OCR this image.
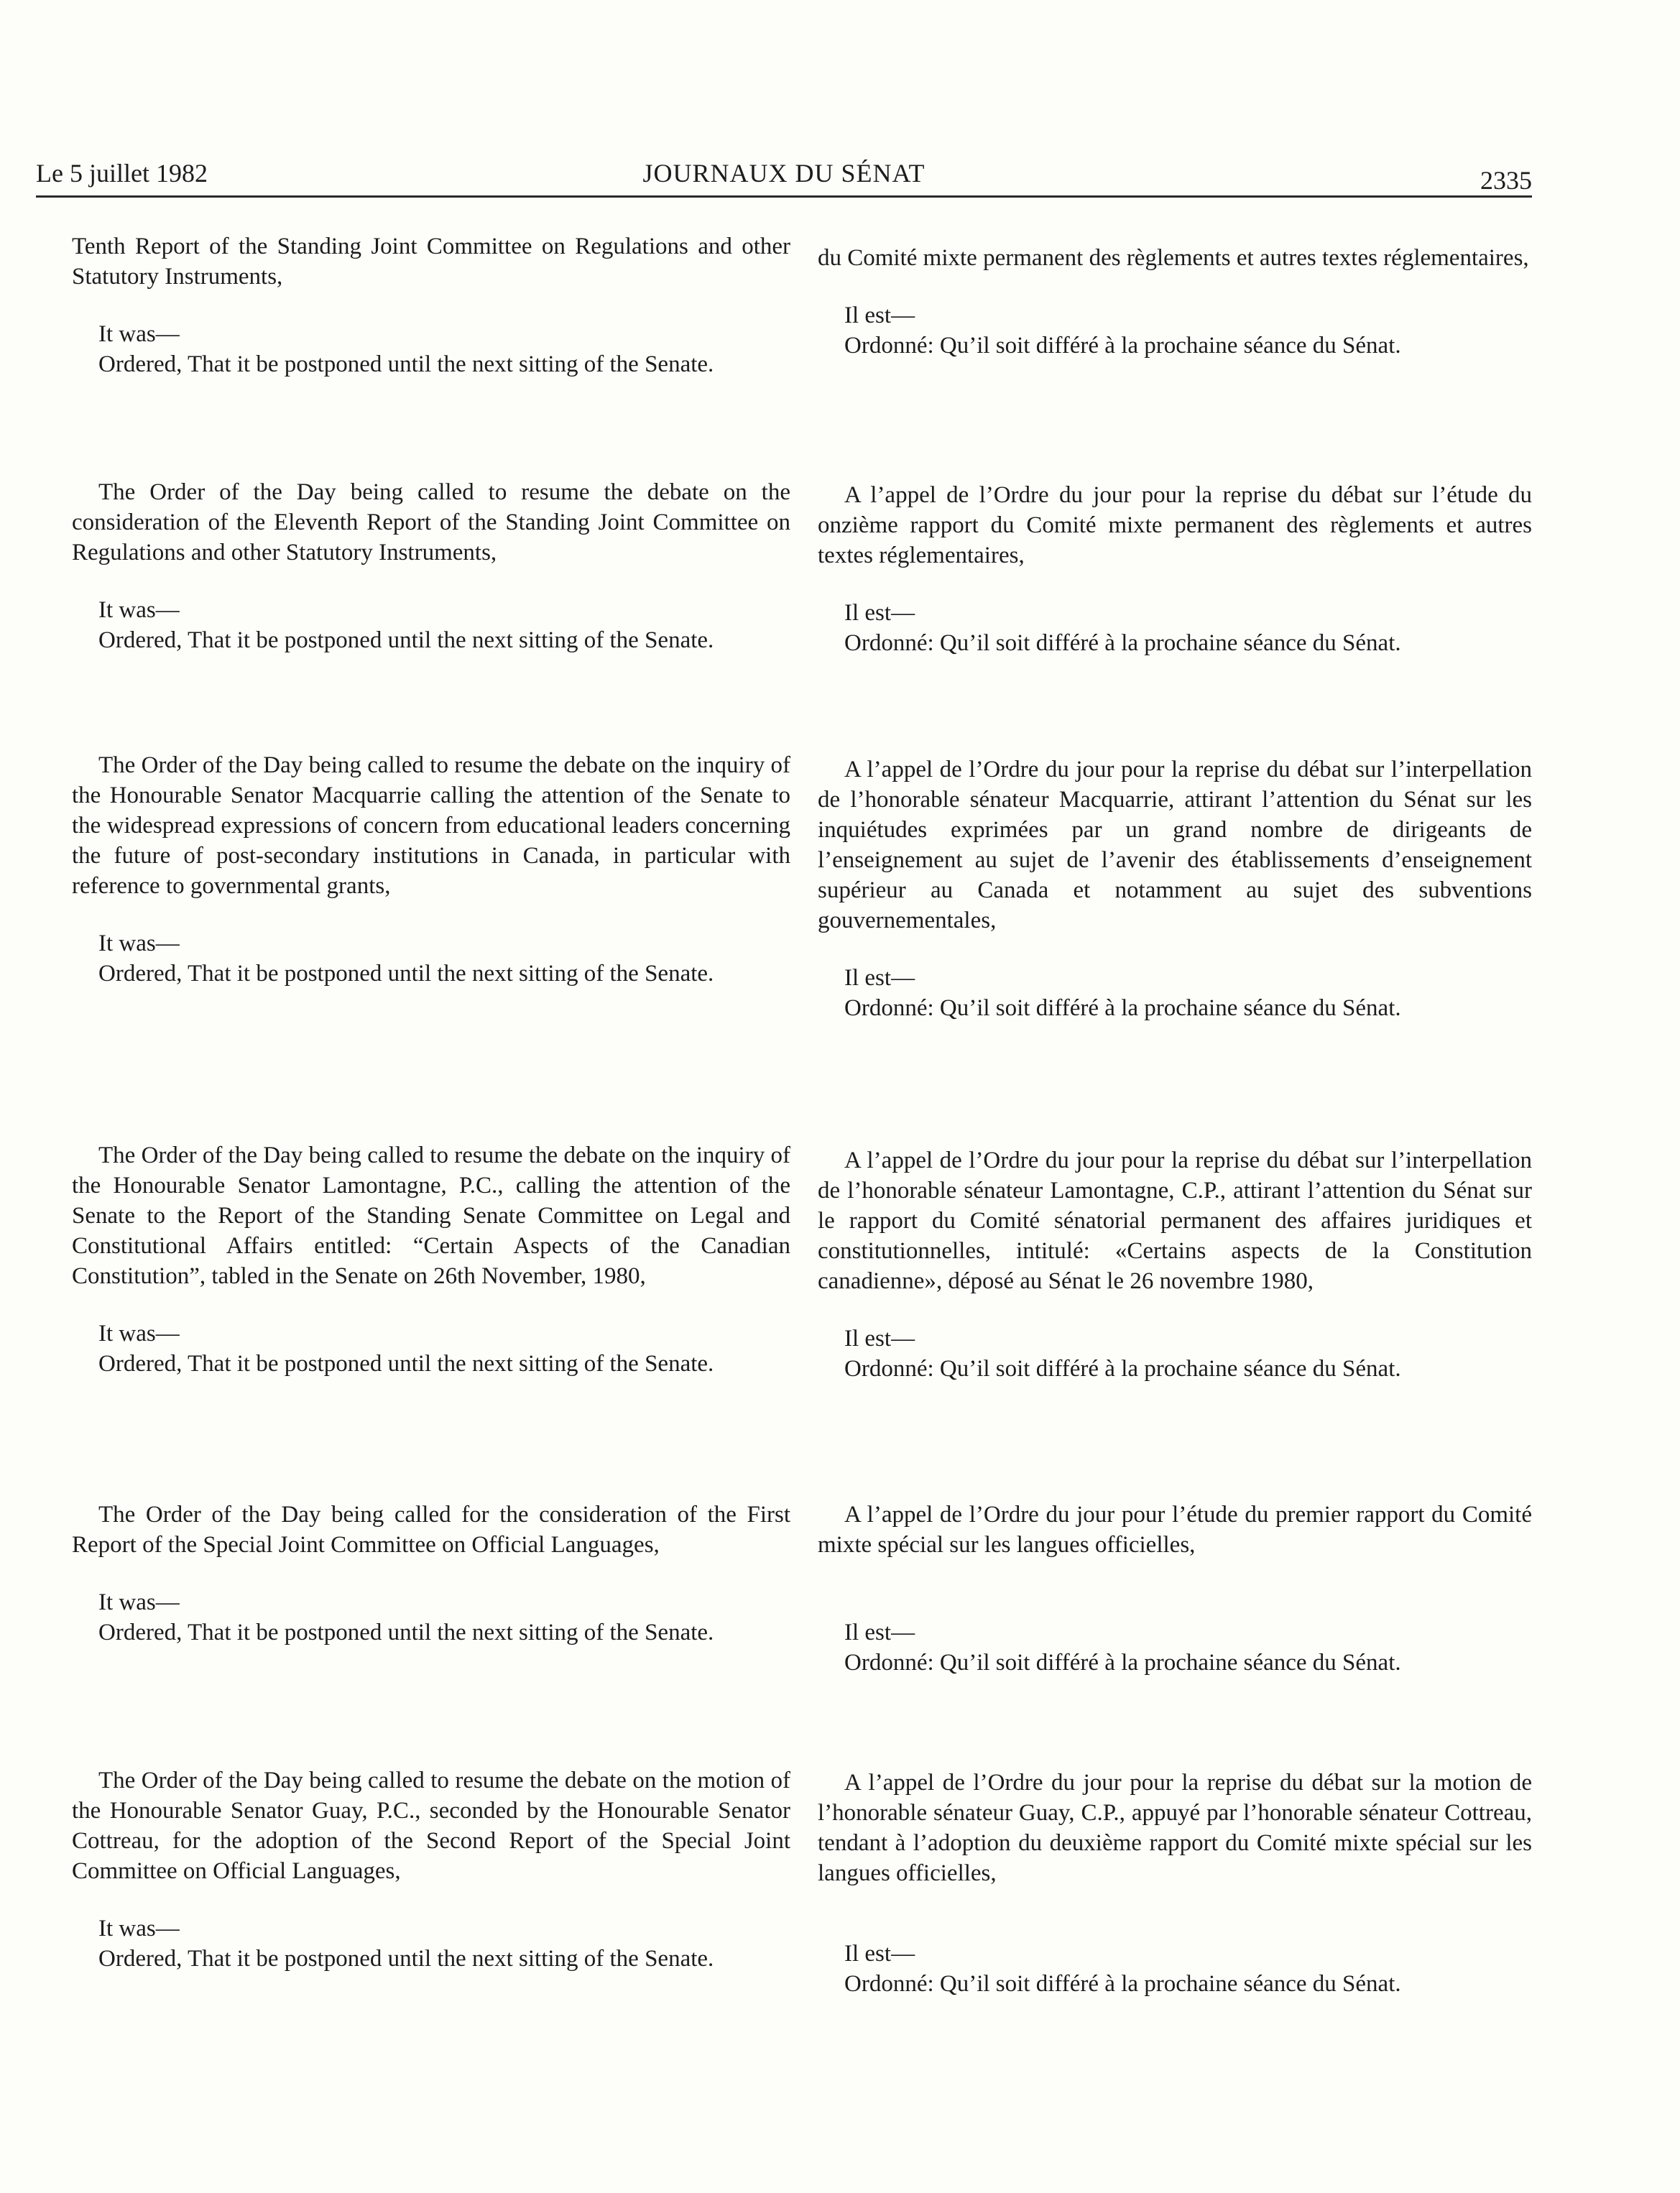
Le 5 juillet 1982	JOURNAUX DU SÉNAT	2335

Tenth Report of the Standing Joint Committee on Regulations and other Statutory Instruments,

It was—

Ordered, That it be postponed until the next sitting of the Senate.

The Order of the Day being called to resume the debate on the consideration of the Eleventh Report of the Standing Joint Committee on Regulations and other Statutory Instruments,

It was—

Ordered, That it be postponed until the next sitting of the Senate.

The Order of the Day being called to resume the debate on the inquiry of the Honourable Senator Macquarrie calling the attention of the Senate to the widespread expressions of concern from educational leaders concerning the future of post-secondary institutions in Canada, in particular with reference to governmental grants,

It was—

Ordered, That it be postponed until the next sitting of the Senate.

The Order of the Day being called to resume the debate on the inquiry of the Honourable Senator Lamontagne, P.C., calling the attention of the Senate to the Report of the Standing Senate Committee on Legal and Constitutional Affairs entitled: “Certain Aspects of the Canadian Constitution”, tabled in the Senate on 26th November, 1980,

It was—

Ordered, That it be postponed until the next sitting of the Senate.

The Order of the Day being called for the consideration of the First Report of the Special Joint Committee on Official Languages,

It was—

Ordered, That it be postponed until the next sitting of the Senate.

The Order of the Day being called to resume the debate on the motion of the Honourable Senator Guay, P.C., seconded by the Honourable Senator Cottreau, for the adoption of the Second Report of the Special Joint Committee on Official Languages,

It was—

Ordered, That it be postponed until the next sitting of the Senate.

du Comité mixte permanent des règlements et autres textes réglementaires,

Il est—

Ordonné: Qu’il soit différé à la prochaine séance du Sénat.

A l’appel de l’Ordre du jour pour la reprise du débat sur l’étude du onzième rapport du Comité mixte permanent des règlements et autres textes réglementaires,

Il est—

Ordonné: Qu’il soit différé à la prochaine séance du Sénat.

A l’appel de l’Ordre du jour pour la reprise du débat sur l’interpellation de l’honorable sénateur Macquarrie, attirant l’attention du Sénat sur les inquiétudes exprimées par un grand nombre de dirigeants de l’enseignement au sujet de l’avenir des établissements d’enseignement supérieur au Canada et notamment au sujet des subventions gouvernementales,

Il est—

Ordonné: Qu’il soit différé à la prochaine séance du Sénat.

A l’appel de l’Ordre du jour pour la reprise du débat sur l’interpellation de l’honorable sénateur Lamontagne, C.P., attirant l’attention du Sénat sur le rapport du Comité sénatorial permanent des affaires juridiques et constitutionnelles, intitulé: «Certains aspects de la Constitution canadienne», déposé au Sénat le 26 novembre 1980,

Il est—

Ordonné: Qu’il soit différé à la prochaine séance du Sénat.

A l’appel de l’Ordre du jour pour l’étude du premier rapport du Comité mixte spécial sur les langues officielles,

Il est—

Ordonné: Qu’il soit différé à la prochaine séance du Sénat.

A l’appel de l’Ordre du jour pour la reprise du débat sur la motion de l’honorable sénateur Guay, C.P., appuyé par l’honorable sénateur Cottreau, tendant à l’adoption du deuxième rapport du Comité mixte spécial sur les langues officielles,

Il est—

Ordonné: Qu’il soit différé à la prochaine séance du Sénat.
